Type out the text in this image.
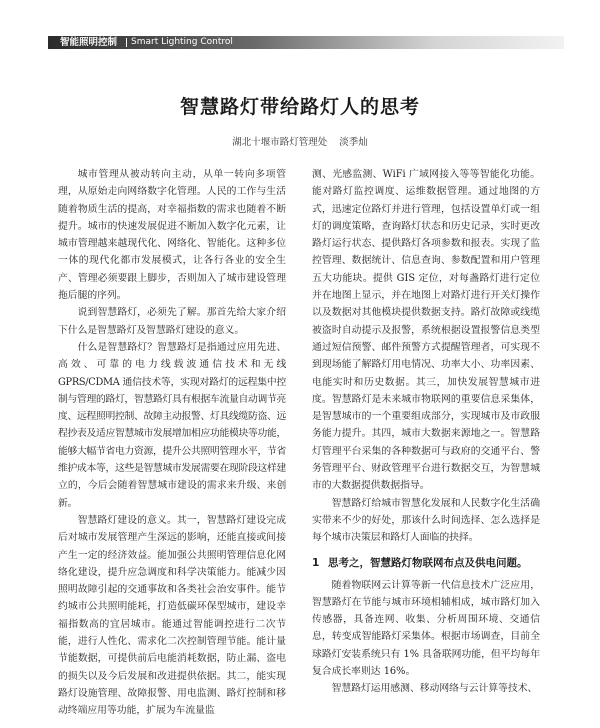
智能照明控制 Smart Lighting Control
智慧路灯带给路灯人的思考
湖北十堰市路灯管理处 淡季灿

城市管理从被动转向主动，从单一转向多项管理，从原始走向网络数字化管理。人民的工作与生活随着物质生活的提高，对幸福指数的需求也随着不断提升。城市的快速发展促进不断加入数字化元素，让城市管理越来越现代化、网络化、智能化。这种多位一体的现代化都市发展模式，让各行各业的安全生产、管理必须要跟上脚步，否则加入了城市建设管理拖后腿的序列。

说到智慧路灯，必须先了解。那首先给大家介绍下什么是智慧路灯及智慧路灯建设的意义。

什么是智慧路灯？智慧路灯是指通过应用先进、高效、可靠的电力线载波通信技术和无线 GPRS/CDMA 通信技术等，实现对路灯的远程集中控制与管理的路灯，智慧路灯具有根据车流量自动调节亮度、远程照明控制、故障主动报警、灯具线缆防盗、远程抄表及适应智慧城市发展增加相应功能模块等功能，能够大幅节省电力资源，提升公共照明管理水平，节省维护成本等，这些是智慧城市发展需要在现阶段这样建立的，今后会随着智慧城市建设的需求来升级、来创新。

智慧路灯建设的意义。其一，智慧路灯建设完成后对城市发展管理产生深远的影响，还能直接或间接产生一定的经济效益。能加强公共照明管理信息化网络化建设，提升应急调度和科学决策能力。能减少因照明故障引起的交通事故和各类社会治安事件。能节约城市公共照明能耗，打造低碳环保型城市，建设幸福指数高的宜居城市。能通过智能调控进行二次节能，进行人性化、需求化二次控制管理节能。能计量节能数据，可提供前后电能消耗数据，防止漏、盗电的损失以及今后发展和改进提供依据。其二，能实现路灯设施管理、故障报警、用电监测、路灯控制和移动终端应用等功能，扩展为车流量监

测、光感监测、WiFi 广域网接入等等智能化功能。能对路灯监控调度、运维数据管理。通过地图的方式，迅速定位路灯并进行管理，包括设置单灯或一组灯的调度策略，查询路灯状态和历史记录，实时更改路灯运行状态、提供路灯各项参数和报表。实现了监控管理、数据统计、信息查询、参数配置和用户管理五大功能块。提供 GIS 定位，对每盏路灯进行定位并在地图上显示，并在地图上对路灯进行开关灯操作以及数据对其他模块提供数据支持。路灯故障或线缆被盗时自动提示及报警，系统根据设置报警信息类型通过短信预警、邮件预警方式提醒管理者，可实现不到现场能了解路灯用电情况、功率大小、功率因素、电能实时和历史数据。其三，加快发展智慧城市进度。智慧路灯是未来城市物联网的重要信息采集体，是智慧城市的一个重要组成部分，实现城市及市政服务能力提升。其四，城市大数据来源地之一。智慧路灯管理平台采集的各种数据可与政府的交通平台、警务管理平台、财政管理平台进行数据交互，为智慧城市的大数据提供数据指导。

智慧路灯给城市智慧化发展和人民数字化生活确实带来不少的好处，那该什么时间选择、怎么选择是每个城市决策层和路灯人面临的抉择。

1 思考之，智慧路灯物联网布点及供电问题。

随着物联网云计算等新一代信息技术广泛应用，智慧路灯在节能与城市环境相辅相成，城市路灯加入传感器，具备连网、收集、分析周围环境、交通信息，转变成智能路灯采集体。根据市场调查，目前全球路灯安装系统只有 1% 具备联网功能，但平均每年复合成长率则达 16%。

智慧路灯运用感测、移动网络与云计算等技术、
